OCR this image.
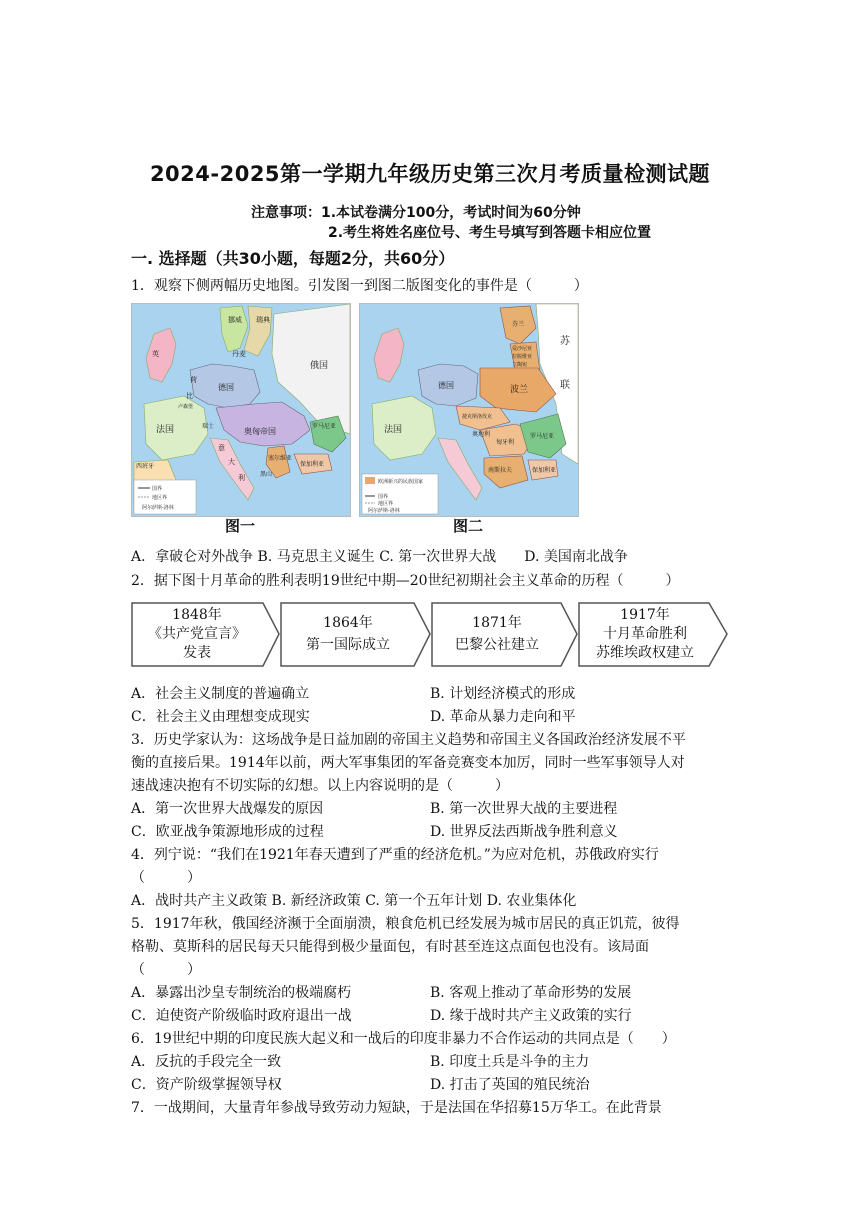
2024-2025第一学期九年级历史第三次月考质量检测试题
注意事项：1.本试卷满分100分，考试时间为60分钟
2.考生将姓名座位号、考生号填写到答题卡相应位置
一. 选择题（共30小题，每题2分，共60分）
1．观察下侧两幅历史地图。引发图一到图二版图变化的事件是（　　　）
挪威 瑞典
英	丹麦
俄国
荷
德国
比
卢森堡
奥匈帝国
法国	瑞士	罗马尼亚
塞尔维亚
西班牙
意
大
利	黑山
保加利亚
国界
地区界
阿尔萨斯-洛林
图一
苏
联
芬兰
爱沙尼亚
拉脱维亚
立陶宛
波兰
德国
法国
捷克斯洛伐克
奥地利
匈牙利
罗马尼亚
南斯拉夫	保加利亚
欧洲新兴的民族国家
国界
地区界
阿尔萨斯-洛林
图二
A．拿破仑对外战争 B. 马克思主义诞生 C. 第一次世界大战　　D. 美国南北战争
2．据下图十月革命的胜利表明19世纪中期—20世纪初期社会主义革命的历程（　　　）
1848年
《共产党宣言》
发表
1864年
第一国际成立
1871年
巴黎公社建立
1917年
十月革命胜利
苏维埃政权建立
A．社会主义制度的普遍确立	B. 计划经济模式的形成
C．社会主义由理想变成现实	D. 革命从暴力走向和平
3．历史学家认为：这场战争是日益加剧的帝国主义趋势和帝国主义各国政治经济发展不平
衡的直接后果。1914年以前，两大军事集团的军备竞赛变本加厉，同时一些军事领导人对
速战速决抱有不切实际的幻想。以上内容说明的是（　　　）
A．第一次世界大战爆发的原因	B. 第一次世界大战的主要进程
C．欧亚战争策源地形成的过程	D. 世界反法西斯战争胜利意义
4．列宁说：“我们在1921年春天遭到了严重的经济危机。”为应对危机，苏俄政府实行
（　　　）
A．战时共产主义政策 B. 新经济政策 C. 第一个五年计划 D. 农业集体化
5．1917年秋，俄国经济濒于全面崩溃，粮食危机已经发展为城市居民的真正饥荒，彼得
格勒、莫斯科的居民每天只能得到极少量面包，有时甚至连这点面包也没有。该局面
（　　　）
A．暴露出沙皇专制统治的极端腐朽	B. 客观上推动了革命形势的发展
C．迫使资产阶级临时政府退出一战	D. 缘于战时共产主义政策的实行
6．19世纪中期的印度民族大起义和一战后的印度非暴力不合作运动的共同点是（　　）
A．反抗的手段完全一致	B. 印度土兵是斗争的主力
C．资产阶级掌握领导权	D. 打击了英国的殖民统治
7．一战期间，大量青年参战导致劳动力短缺，于是法国在华招募15万华工。在此背景
